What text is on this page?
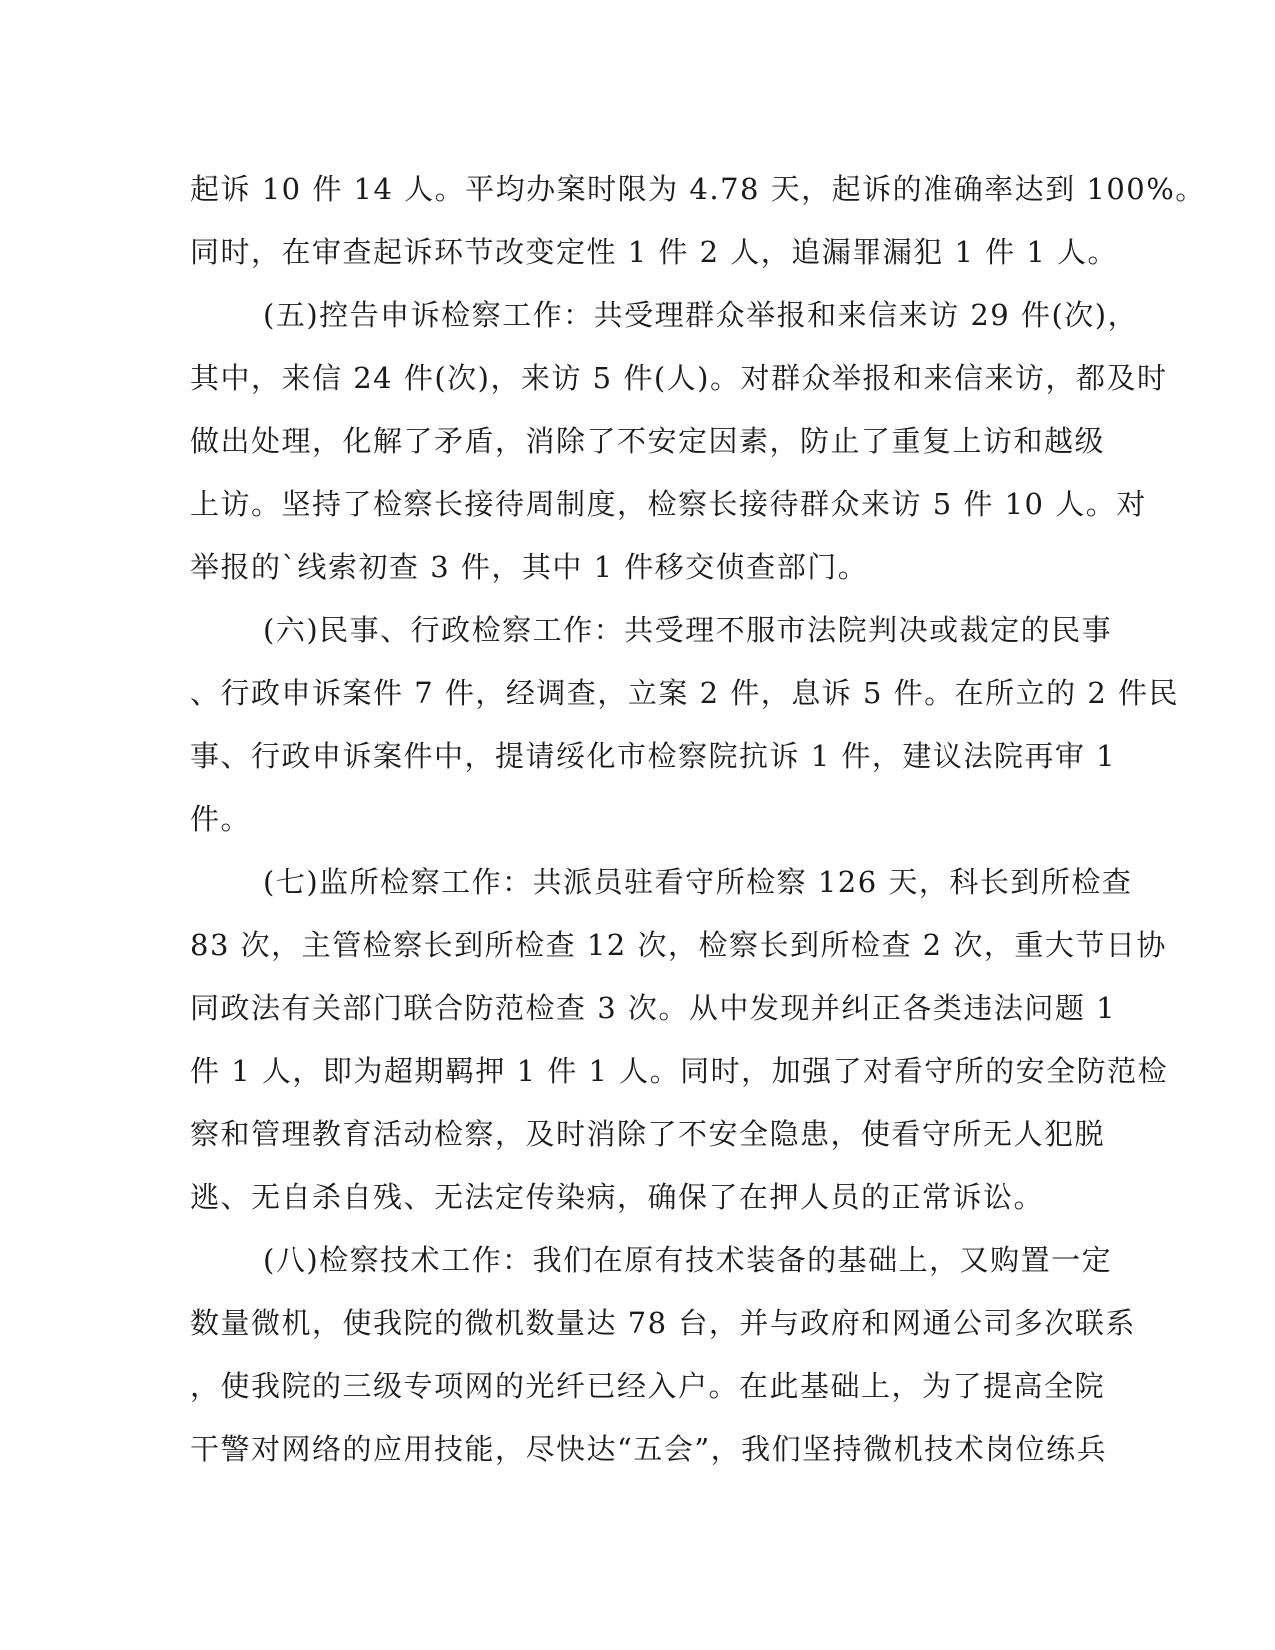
起诉 10 件 14 人。平均办案时限为 4.78 天，起诉的准确率达到 100%。
同时，在审查起诉环节改变定性 1 件 2 人，追漏罪漏犯 1 件 1 人。
(五)控告申诉检察工作：共受理群众举报和来信来访 29 件(次)，
其中，来信 24 件(次)，来访 5 件(人)。对群众举报和来信来访，都及时
做出处理，化解了矛盾，消除了不安定因素，防止了重复上访和越级
上访。坚持了检察长接待周制度，检察长接待群众来访 5 件 10 人。对
举报的`线索初查 3 件，其中 1 件移交侦查部门。
(六)民事、行政检察工作：共受理不服市法院判决或裁定的民事
、行政申诉案件 7 件，经调查，立案 2 件，息诉 5 件。在所立的 2 件民
事、行政申诉案件中，提请绥化市检察院抗诉 1 件，建议法院再审 1
件。
(七)监所检察工作：共派员驻看守所检察 126 天，科长到所检查
83 次，主管检察长到所检查 12 次，检察长到所检查 2 次，重大节日协
同政法有关部门联合防范检查 3 次。从中发现并纠正各类违法问题 1
件 1 人，即为超期羁押 1 件 1 人。同时，加强了对看守所的安全防范检
察和管理教育活动检察，及时消除了不安全隐患，使看守所无人犯脱
逃、无自杀自残、无法定传染病，确保了在押人员的正常诉讼。
(八)检察技术工作：我们在原有技术装备的基础上，又购置一定
数量微机，使我院的微机数量达 78 台，并与政府和网通公司多次联系
，使我院的三级专项网的光纤已经入户。在此基础上，为了提高全院
干警对网络的应用技能，尽快达“五会”，我们坚持微机技术岗位练兵
